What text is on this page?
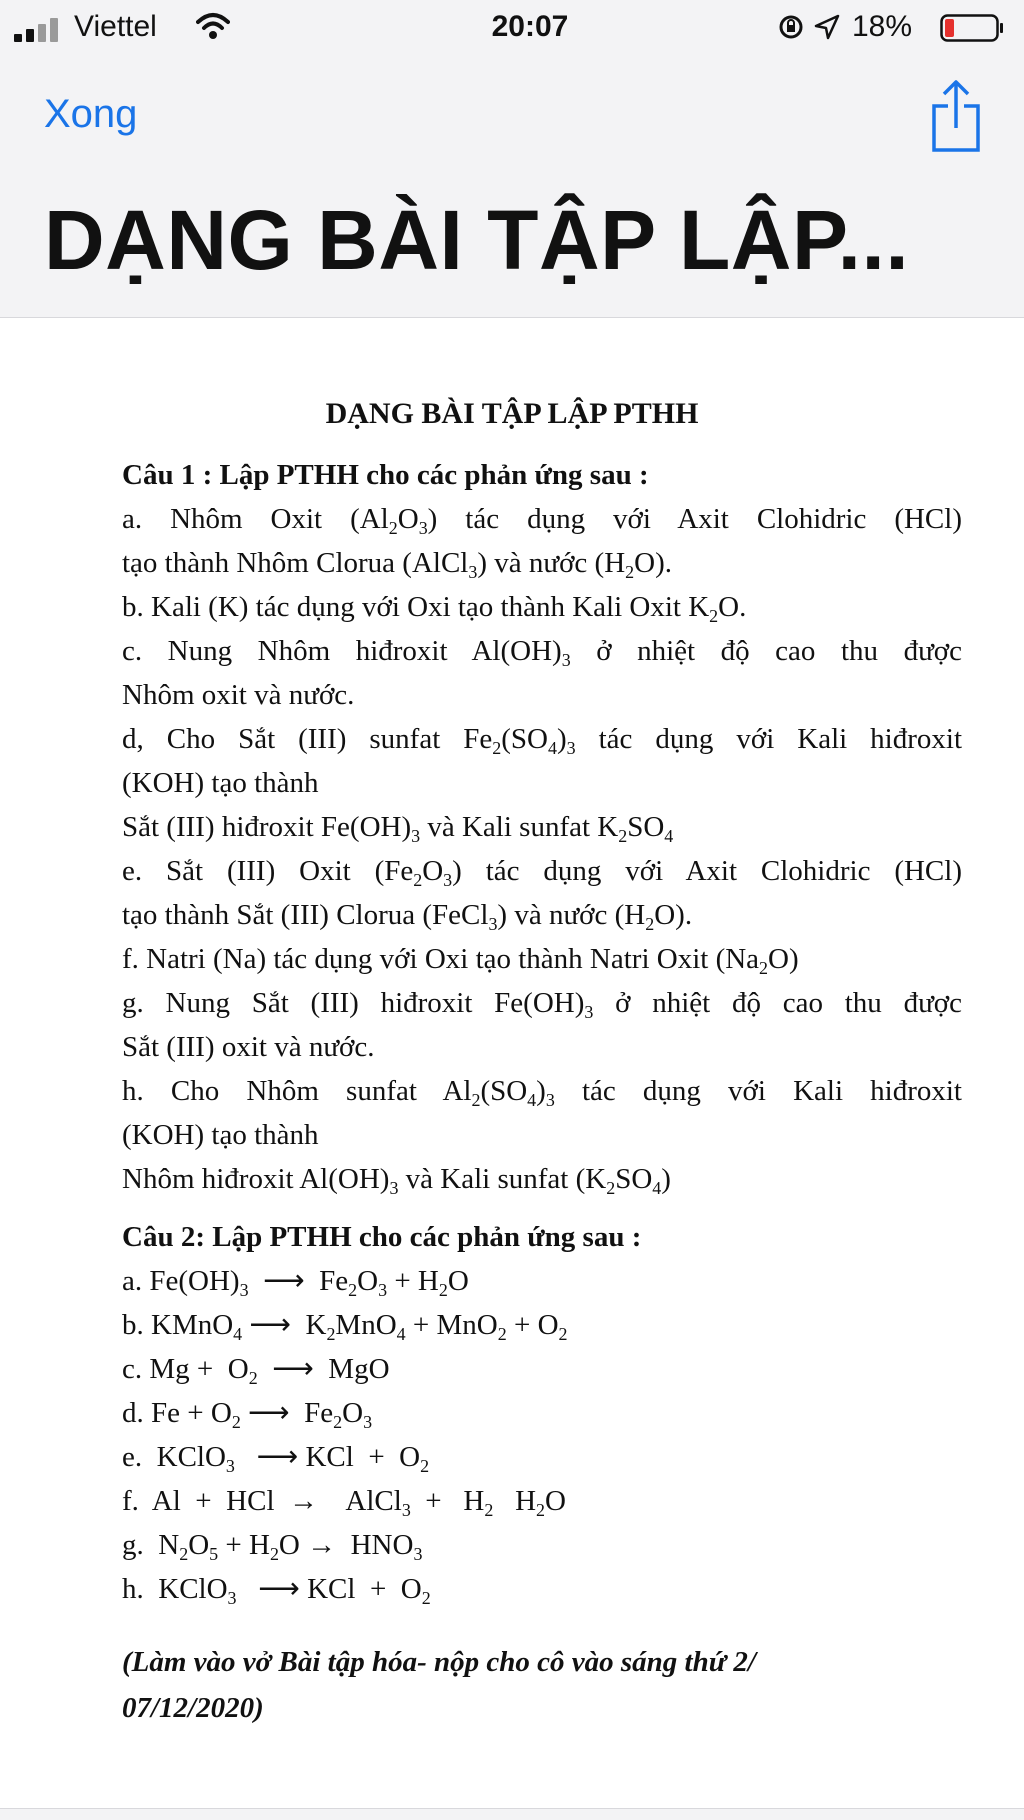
Viettel	20:07	18%
Xong
DẠNG BÀI TẬP LẬP...
DẠNG BÀI TẬP LẬP PTHH
Câu 1 : Lập PTHH cho các phản ứng sau :
a. Nhôm Oxit $(Al_2O_3)$ tác dụng với Axit Clohidric (HCl)
tạo thành Nhôm Clorua (AlCl$_3$) và nước $(H_2O)$.
b. Kali (K) tác dụng với Oxi tạo thành Kali Oxit $K_2O$.
c. Nung Nhôm hiđroxit $Al(OH)_3$ ở nhiệt độ cao thu được
Nhôm oxit và nước.
d, Cho Sắt (III) sunfat $Fe_2(SO_4)_3$ tác dụng với Kali hiđroxit
(KOH) tạo thành
Sắt (III) hiđroxit $Fe(OH)_3$ và Kali sunfat $K_2SO_4$
e. Sắt (III) Oxit $(Fe_2O_3)$ tác dụng với Axit Clohidric (HCl)
tạo thành Sắt (III) Clorua (FeCl$_3$) và nước $(H_2O)$.
f. Natri (Na) tác dụng với Oxi tạo thành Natri Oxit $(Na_2O)$
g. Nung Sắt (III) hiđroxit $Fe(OH)_3$ ở nhiệt độ cao thu được
Sắt (III) oxit và nước.
h. Cho Nhôm sunfat $Al_2(SO_4)_3$ tác dụng với Kali hiđroxit
(KOH) tạo thành
Nhôm hiđroxit $Al(OH)_3$ và Kali sunfat $(K_2SO_4)$
Câu 2: Lập PTHH cho các phản ứng sau :
a. $Fe(OH)_3$  ⟶  $Fe_2O_3 + H_2O$
b. KMnO$_4$ ⟶  $K_2MnO_4 + MnO_2 + O_2$
c. $Mg + O_2$  ⟶  MgO
d. $Fe + O_2$ ⟶  $Fe_2O_3$
e.  KClO$_3$   ⟶ KCl  +  $O_2$
f.  Al  +  HCl  →    AlCl$_3$  +   $H_2$   $H_2O$
g.  $N_2O_5 + H_2O \to HNO_3$
h.  KClO$_3$   ⟶ KCl  +  $O_2$
(Làm vào vở Bài tập hóa- nộp cho cô vào sáng thứ 2/
07/12/2020)
